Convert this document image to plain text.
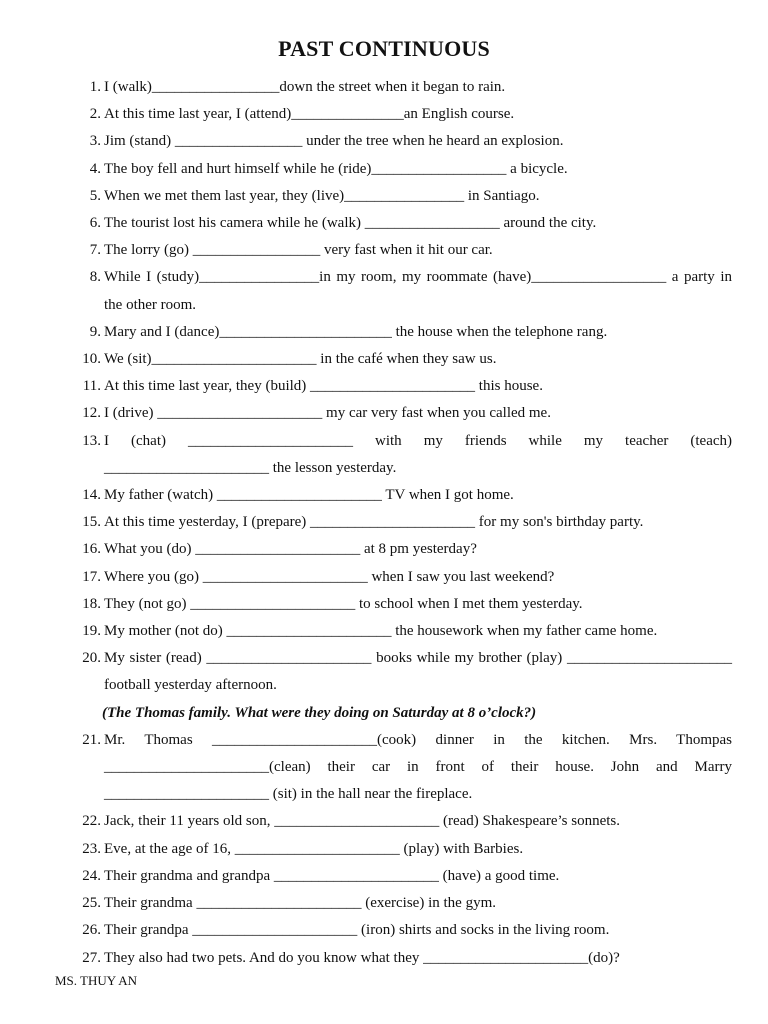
PAST CONTINUOUS
1. I (walk)_________________down the street when it began to rain.
2. At this time last year, I (attend)_______________an English course.
3. Jim (stand) _________________ under the tree when he heard an explosion.
4. The boy fell and hurt himself while he (ride)__________________ a bicycle.
5. When we met them last year, they (live)________________ in Santiago.
6. The tourist lost his camera while he (walk) __________________ around the city.
7. The lorry (go) _________________ very fast when it hit our car.
8. While I (study)________________in my room, my roommate (have)__________________ a party in the other room.
9. Mary and I (dance)_______________________ the house when the telephone rang.
10. We (sit)______________________ in the café when they saw us.
11. At this time last year, they (build) ______________________ this house.
12. I (drive) ______________________ my car very fast when you called me.
13. I (chat) ______________________ with my friends while my teacher (teach) ______________________ the lesson yesterday.
14. My father (watch) ______________________ TV when I got home.
15. At this time yesterday, I (prepare) ______________________ for my son's birthday party.
16. What you (do) ______________________ at 8 pm yesterday?
17. Where you (go) ______________________ when I saw you last weekend?
18. They (not go) ______________________ to school when I met them yesterday.
19. My mother (not do) ______________________ the housework when my father came home.
20. My sister (read) ______________________ books while my brother (play) ______________________ football yesterday afternoon.
(The Thomas family. What were they doing on Saturday at 8 o’clock?)
21. Mr. Thomas ______________________(cook) dinner in the kitchen. Mrs. Thompas ______________________(clean) their car in front of their house. John and Marry ______________________ (sit) in the hall near the fireplace.
22. Jack, their 11 years old son, ______________________ (read) Shakespeare’s sonnets.
23. Eve, at the age of 16, ______________________ (play) with Barbies.
24. Their grandma and grandpa ______________________ (have) a good time.
25. Their grandma ______________________ (exercise) in the gym.
26. Their grandpa ______________________ (iron) shirts and socks in the living room.
27. They also had two pets. And do you know what they ______________________(do)?
MS. THUY AN
